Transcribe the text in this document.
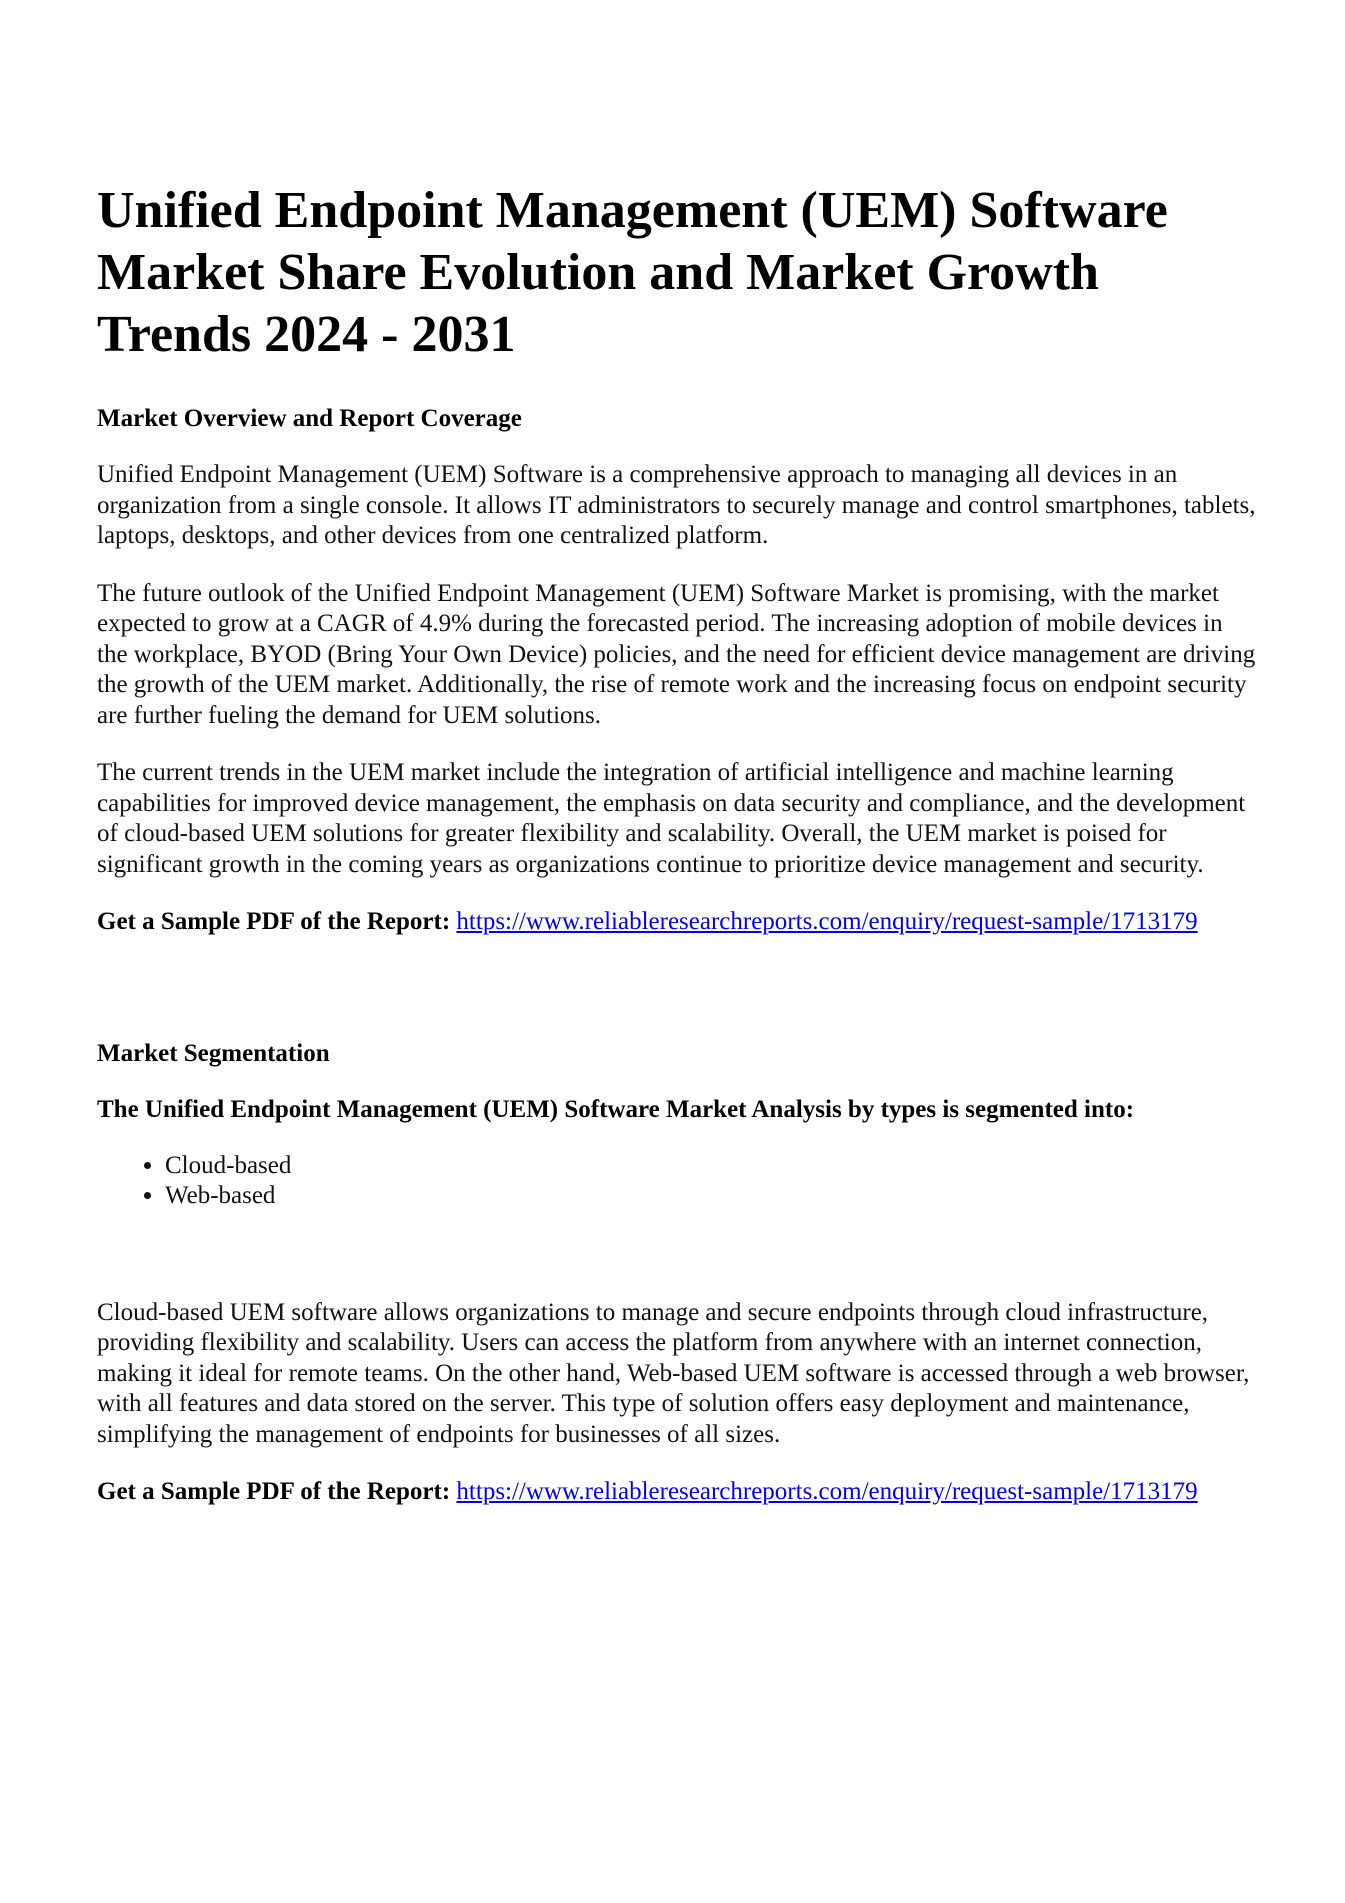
Unified Endpoint Management (UEM) Software Market Share Evolution and Market Growth Trends 2024 - 2031
Market Overview and Report Coverage

Unified Endpoint Management (UEM) Software is a comprehensive approach to managing all devices in an organization from a single console. It allows IT administrators to securely manage and control smartphones, tablets, laptops, desktops, and other devices from one centralized platform.

The future outlook of the Unified Endpoint Management (UEM) Software Market is promising, with the market expected to grow at a CAGR of 4.9% during the forecasted period. The increasing adoption of mobile devices in the workplace, BYOD (Bring Your Own Device) policies, and the need for efficient device management are driving the growth of the UEM market. Additionally, the rise of remote work and the increasing focus on endpoint security are further fueling the demand for UEM solutions.

The current trends in the UEM market include the integration of artificial intelligence and machine learning capabilities for improved device management, the emphasis on data security and compliance, and the development of cloud-based UEM solutions for greater flexibility and scalability. Overall, the UEM market is poised for significant growth in the coming years as organizations continue to prioritize device management and security.

Get a Sample PDF of the Report: https://www.reliableresearchreports.com/enquiry/request-sample/1713179
Market Segmentation
The Unified Endpoint Management (UEM) Software Market Analysis by types is segmented into:
• Cloud-based
• Web-based

Cloud-based UEM software allows organizations to manage and secure endpoints through cloud infrastructure, providing flexibility and scalability. Users can access the platform from anywhere with an internet connection, making it ideal for remote teams. On the other hand, Web-based UEM software is accessed through a web browser, with all features and data stored on the server. This type of solution offers easy deployment and maintenance, simplifying the management of endpoints for businesses of all sizes.

Get a Sample PDF of the Report: https://www.reliableresearchreports.com/enquiry/request-sample/1713179
